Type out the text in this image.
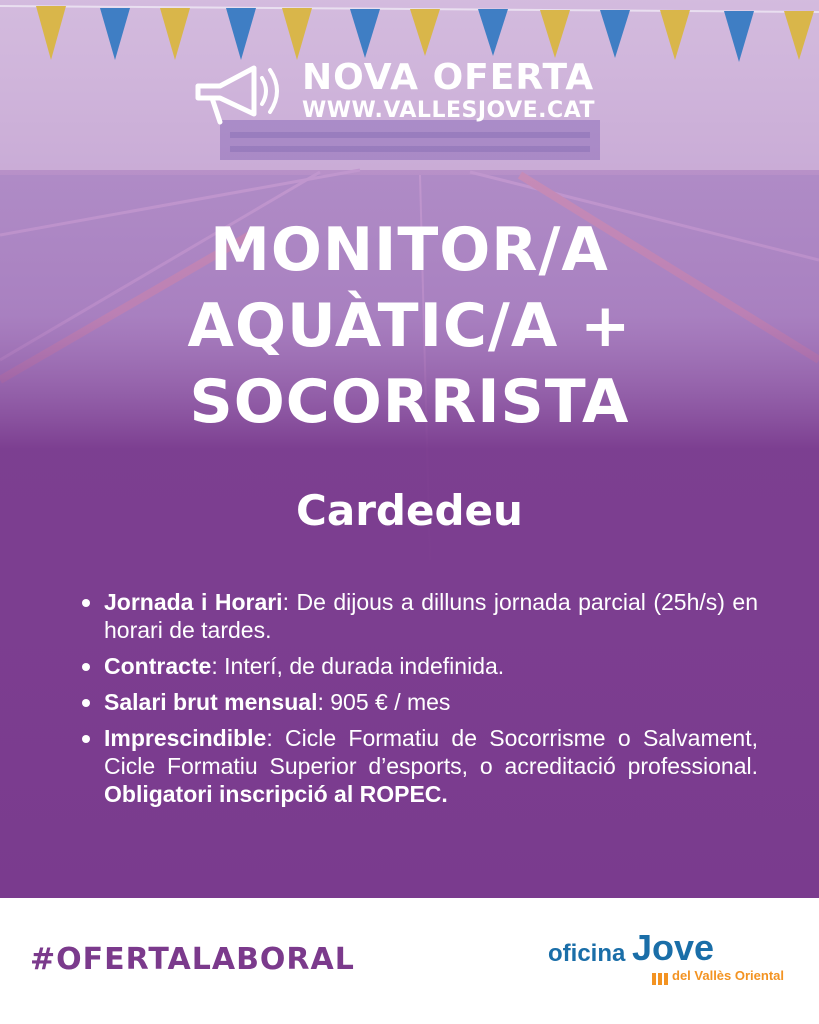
NOVA OFERTA
WWW.VALLESJOVE.CAT
MONITOR/A
AQUÀTIC/A +
SOCORRISTA
Cardedeu
Jornada i Horari: De dijous a dilluns jornada parcial (25h/s) en horari de tardes.
Contracte: Interí, de durada indefinida.
Salari brut mensual: 905 € / mes
Imprescindible: Cicle Formatiu de Socorrisme o Salvament, Cicle Formatiu Superior d’esports, o acreditació professional. Obligatori inscripció al ROPEC.
#OFERTALABORAL	oficina Jove
del Vallès Oriental
